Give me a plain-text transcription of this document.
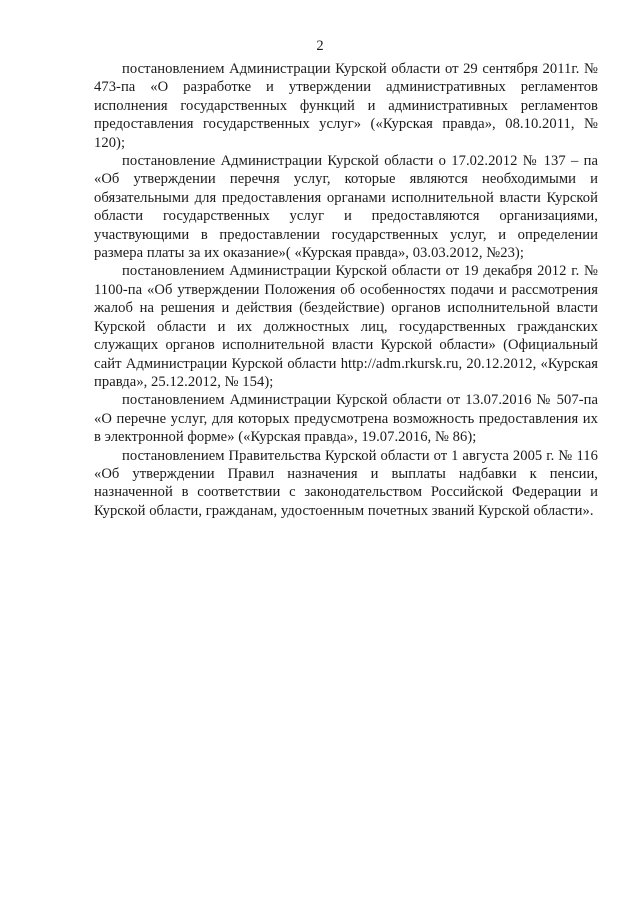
2

постановлением Администрации Курской области от 29 сентября 2011г. № 473-па «О разработке и утверждении административных регламентов исполнения государственных функций и административных регламентов предоставления государственных услуг» («Курская правда», 08.10.2011, № 120);

постановление Администрации Курской области о 17.02.2012 № 137 – па «Об утверждении перечня услуг, которые являются необходимыми и обязательными для предоставления органами исполнительной власти Курской области государственных услуг и предоставляются организациями, участвующими в предоставлении государственных услуг, и определении размера платы за их оказание»( «Курская правда», 03.03.2012, №23);

постановлением Администрации Курской области от 19 декабря 2012 г. № 1100-па «Об утверждении Положения об особенностях подачи и рассмотрения жалоб на решения и действия (бездействие) органов исполнительной власти Курской области и их должностных лиц, государственных гражданских служащих органов исполнительной власти Курской области» (Официальный сайт Администрации Курской области http://adm.rkursk.ru, 20.12.2012, «Курская правда», 25.12.2012, № 154);

постановлением Администрации Курской области от 13.07.2016 № 507-па «О перечне услуг, для которых предусмотрена возможность предоставления их в электронной форме» («Курская правда», 19.07.2016, № 86);

постановлением Правительства Курской области от 1 августа 2005 г. № 116 «Об утверждении Правил назначения и выплаты надбавки к пенсии, назначенной в соответствии с законодательством Российской Федерации и Курской области, гражданам, удостоенным почетных званий Курской области».
